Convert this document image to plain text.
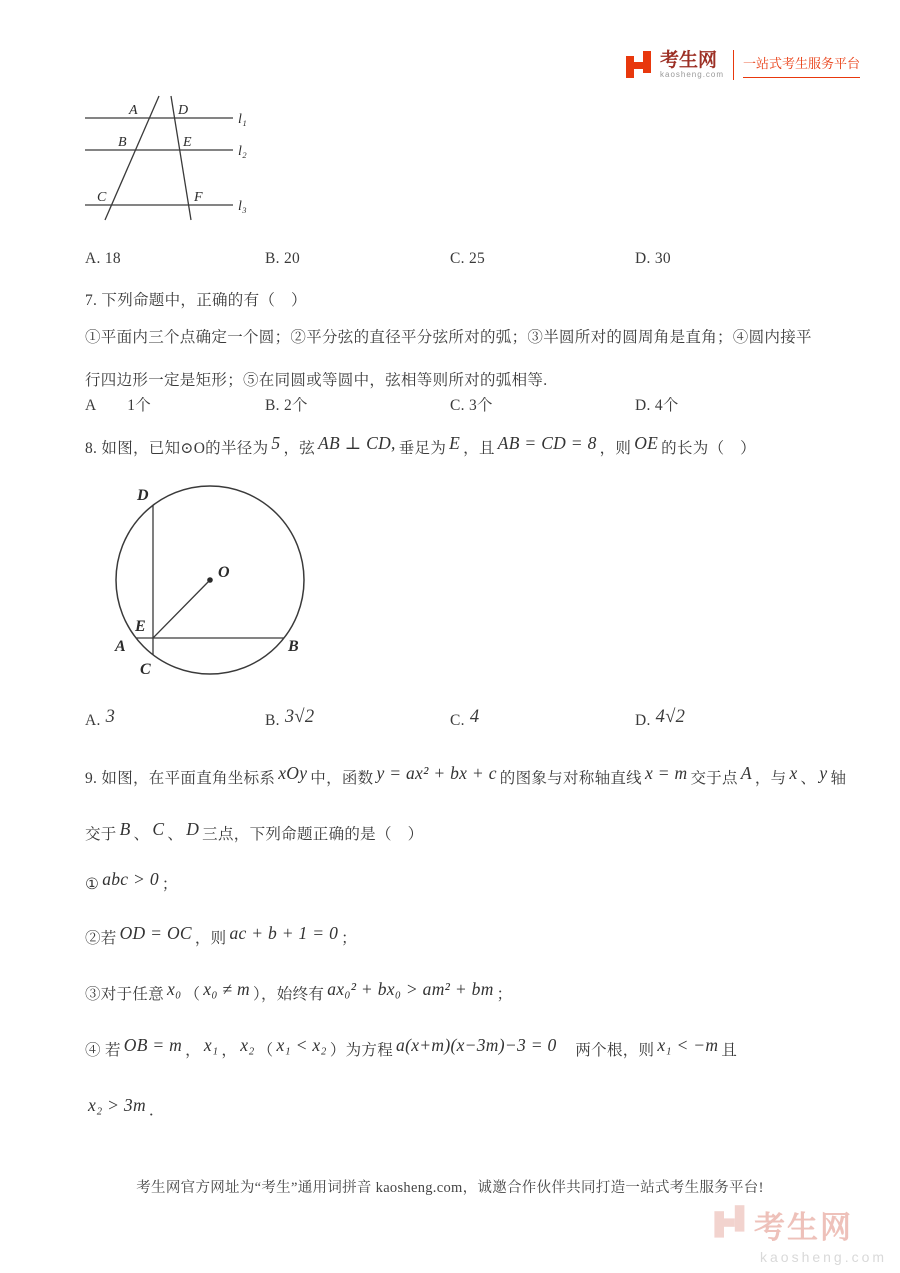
考生网
kaosheng.com
一站式考生服务平台
A	D
B	E
C	F
l₁
l₂
l₃
A. 18	B. 20	C. 25	D. 30
7. 下列命题中，正确的有（　）
①平面内三个点确定一个圆；②平分弦的直径平分弦所对的弧；③半圆所对的圆周角是直角；④圆内接平
行四边形一定是矩形；⑤在同圆或等圆中，弦相等则所对的弧相等.
A　　1个	B. 2个	C. 3个	D. 4个
8. 如图，已知⊙O的半径为 5 ，弦 AB ⊥ CD, 垂足为 E ，且 AB = CD = 8 ，则 OE 的长为（　）
D
O
E
A
C
B
A. 3	B. 3√2	C. 4	D. 4√2
9. 如图，在平面直角坐标系 xOy 中，函数 y = ax² + bx + c 的图象与对称轴直线 x = m 交于点 A ，与 x 、 y 轴
交于 B 、 C 、 D 三点，下列命题正确的是（　）
① abc > 0 ；
②若 OD = OC ，则 ac + b + 1 = 0 ；
③对于任意 x₀ （ x₀ ≠ m ），始终有 ax₀² + bx₀ > am² + bm ；
④ 若 OB = m ， x₁ ， x₂ （ x₁ < x₂ ）为方程 a(x+m)(x−3m)−3 = 0　两个根，则 x₁ < −m 且
x₂ > 3m ．
考生网官方网址为“考生”通用词拼音 kaosheng.com，诚邀合作伙伴共同打造一站式考生服务平台!
考生网
kaosheng.com
